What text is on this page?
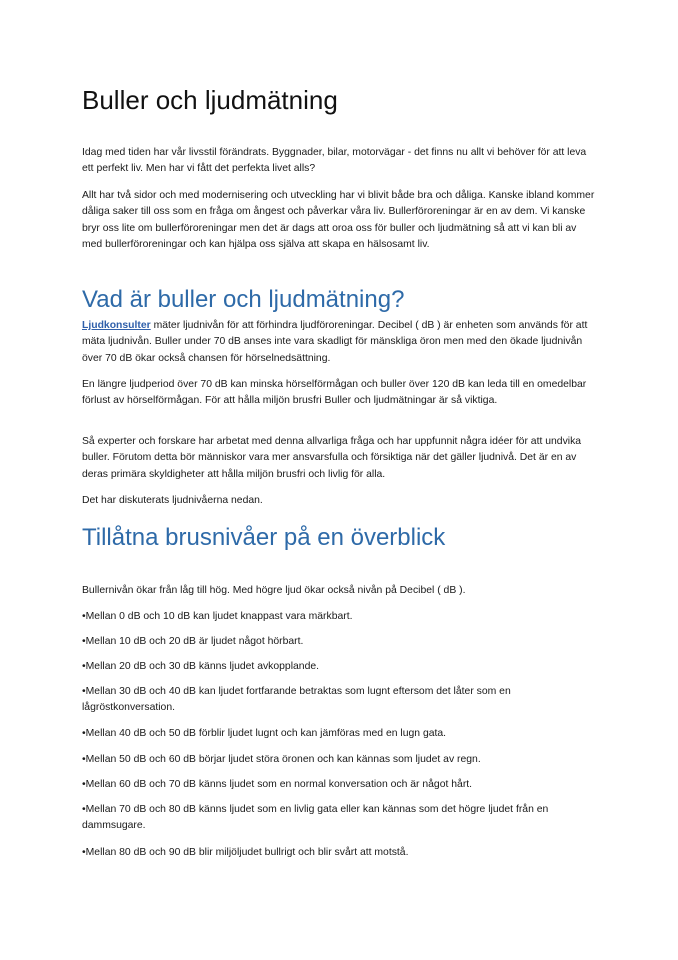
Buller och ljudmätning

Idag med tiden har vår livsstil förändrats. Byggnader, bilar, motorvägar - det finns nu allt vi behöver för att leva ett perfekt liv. Men har vi fått det perfekta livet alls?

Allt har två sidor och med modernisering och utveckling har vi blivit både bra och dåliga. Kanske ibland kommer dåliga saker till oss som en fråga om ångest och påverkar våra liv. Bullerföroreningar är en av dem. Vi kanske bryr oss lite om bullerföroreningar men det är dags att oroa oss för buller och ljudmätning så att vi kan bli av med bullerföroreningar och kan hjälpa oss själva att skapa en hälsosamt liv.

Vad är buller och ljudmätning?

Ljudkonsulter mäter ljudnivån för att förhindra ljudföroreningar. Decibel ( dB ) är enheten som används för att mäta ljudnivån. Buller under 70 dB anses inte vara skadligt för mänskliga öron men med den ökade ljudnivån över 70 dB ökar också chansen för hörselnedsättning.

En längre ljudperiod över 70 dB kan minska hörselförmågan och buller över 120 dB kan leda till en omedelbar förlust av hörselförmågan. För att hålla miljön brusfri Buller och ljudmätningar är så viktiga.

Så experter och forskare har arbetat med denna allvarliga fråga och har uppfunnit några idéer för att undvika buller. Förutom detta bör människor vara mer ansvarsfulla och försiktiga när det gäller ljudnivå. Det är en av deras primära skyldigheter att hålla miljön brusfri och livlig för alla.

Det har diskuterats ljudnivåerna nedan.

Tillåtna brusnivåer på en överblick

Bullernivån ökar från låg till hög. Med högre ljud ökar också nivån på Decibel ( dB ).

•Mellan 0 dB och 10 dB kan ljudet knappast vara märkbart.

•Mellan 10 dB och 20 dB är ljudet något hörbart.

•Mellan 20 dB och 30 dB känns ljudet avkopplande.

•Mellan 30 dB och 40 dB kan ljudet fortfarande betraktas som lugnt eftersom det låter som en lågröstkonversation.

•Mellan 40 dB och 50 dB förblir ljudet lugnt och kan jämföras med en lugn gata.

•Mellan 50 dB och 60 dB börjar ljudet störa öronen och kan kännas som ljudet av regn.

•Mellan 60 dB och 70 dB känns ljudet som en normal konversation och är något hårt.

•Mellan 70 dB och 80 dB känns ljudet som en livlig gata eller kan kännas som det högre ljudet från en dammsugare.

•Mellan 80 dB och 90 dB blir miljöljudet bullrigt och blir svårt att motstå.
